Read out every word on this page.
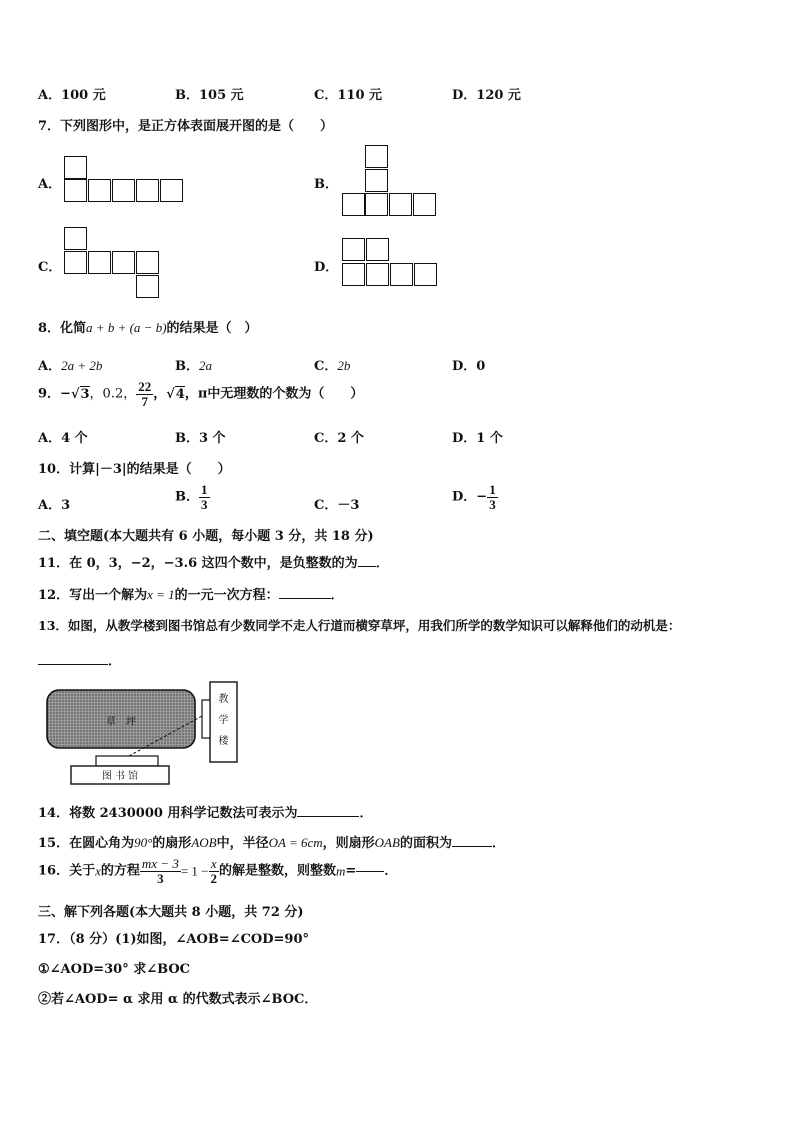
A．100 元	B．105 元	C．110 元	D．120 元
7．下列图形中，是正方体表面展开图的是（　　）
A．	B．
C．	D．
8．化简a + b + (a − b)的结果是（　）
A．2a + 2b	B．2a	C．2b	D．0
9．−√3，0.2， $\frac{22}{7}$ ，√4，π中无理数的个数为（　　）
A．4 个	B．3 个	C．2 个	D．1 个
10．计算|－3|的结果是（　　）
A．3
B． $\frac{1}{3}$	C．－3
D．− $\frac{1}{3}$
二、填空题(本大题共有 6 小题，每小题 3 分，共 18 分)
11．在 0，3，−2，−3.6 这四个数中，是负整数的为 ．
12．写出一个解为x = 1的一元一次方程：	．
13．如图，从教学楼到图书馆总有少数同学不走人行道而横穿草坪，用我们所学的数学知识可以解释他们的动机是：
．
草　坪
教
学
楼
图 书 馆
14．将数 2430000 用科学记数法可表示为	．
15．在圆心角为90°的扇形AOB中，半径OA = 6cm，则扇形OAB的面积为	．
16．关于x的方程 $\frac{mx - 3}{3} = 1 - \frac{x}{2}$ 的解是整数，则整数m= ．
三、解下列各题(本大题共 8 小题，共 72 分)
17．（8 分）(1)如图，∠AOB=∠COD=90°
①∠AOD=30° 求∠BOC
②若∠AOD= α 求用 α 的代数式表示∠BOC．
